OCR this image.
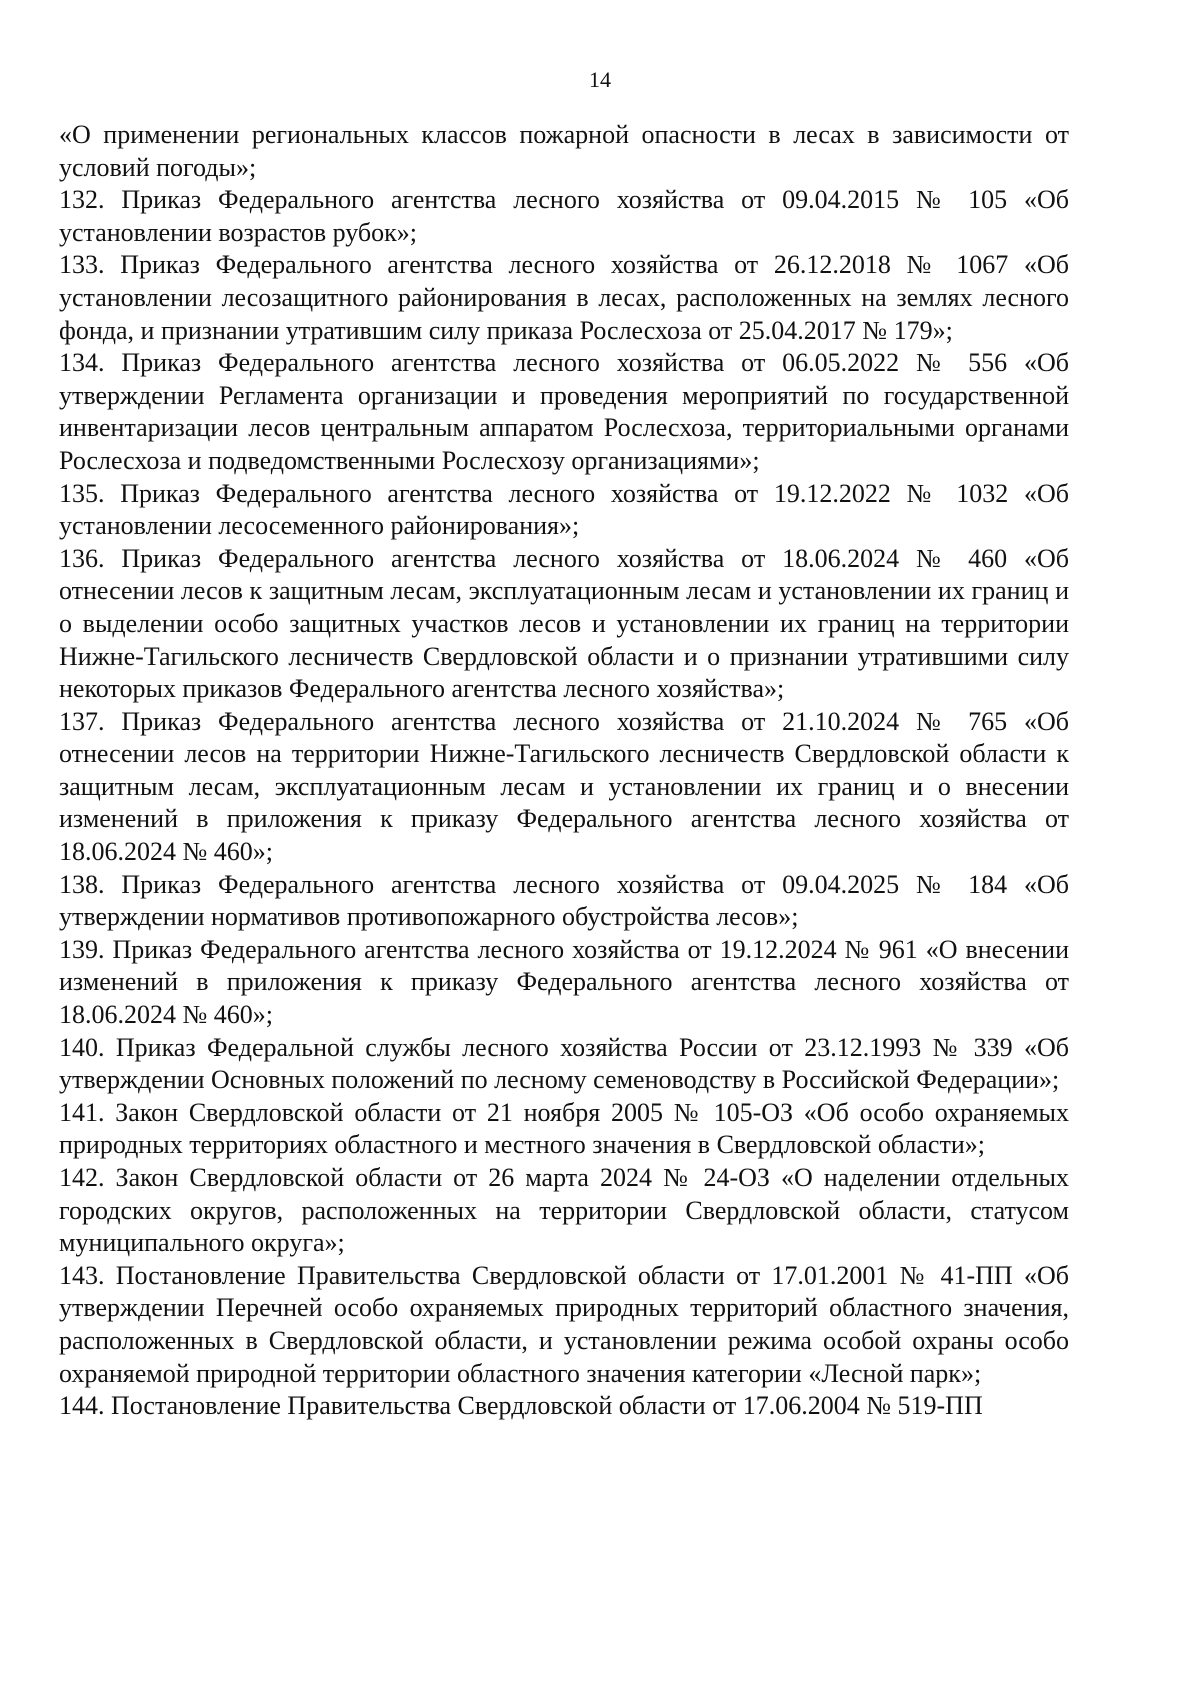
14

«О применении региональных классов пожарной опасности в лесах в зависимости от условий погоды»;

132. Приказ Федерального агентства лесного хозяйства от 09.04.2015 № 105 «Об установлении возрастов рубок»;

133. Приказ Федерального агентства лесного хозяйства от 26.12.2018 № 1067 «Об установлении лесозащитного районирования в лесах, расположенных на землях лесного фонда, и признании утратившим силу приказа Рослесхоза от 25.04.2017 № 179»;

134. Приказ Федерального агентства лесного хозяйства от 06.05.2022 № 556 «Об утверждении Регламента организации и проведения мероприятий по государственной инвентаризации лесов центральным аппаратом Рослесхоза, территориальными органами Рослесхоза и подведомственными Рослесхозу организациями»;

135. Приказ Федерального агентства лесного хозяйства от 19.12.2022 № 1032 «Об установлении лесосеменного районирования»;

136. Приказ Федерального агентства лесного хозяйства от 18.06.2024 № 460 «Об отнесении лесов к защитным лесам, эксплуатационным лесам и установлении их границ и о выделении особо защитных участков лесов и установлении их границ на территории Нижне-Тагильского лесничеств Свердловской области и о признании утратившими силу некоторых приказов Федерального агентства лесного хозяйства»;

137. Приказ Федерального агентства лесного хозяйства от 21.10.2024 № 765 «Об отнесении лесов на территории Нижне-Тагильского лесничеств Свердловской области к защитным лесам, эксплуатационным лесам и установлении их границ и о внесении изменений в приложения к приказу Федерального агентства лесного хозяйства от 18.06.2024 № 460»;

138. Приказ Федерального агентства лесного хозяйства от 09.04.2025 № 184 «Об утверждении нормативов противопожарного обустройства лесов»;

139. Приказ Федерального агентства лесного хозяйства от 19.12.2024 № 961 «О внесении изменений в приложения к приказу Федерального агентства лесного хозяйства от 18.06.2024 № 460»;

140. Приказ Федеральной службы лесного хозяйства России от 23.12.1993 № 339 «Об утверждении Основных положений по лесному семеноводству в Российской Федерации»;

141. Закон Свердловской области от 21 ноября 2005 № 105-ОЗ «Об особо охраняемых природных территориях областного и местного значения в Свердловской области»;

142. Закон Свердловской области от 26 марта 2024 № 24-ОЗ «О наделении отдельных городских округов, расположенных на территории Свердловской области, статусом муниципального округа»;

143. Постановление Правительства Свердловской области от 17.01.2001 № 41-ПП «Об утверждении Перечней особо охраняемых природных территорий областного значения, расположенных в Свердловской области, и установлении режима особой охраны особо охраняемой природной территории областного значения категории «Лесной парк»;

144. Постановление Правительства Свердловской области от 17.06.2004 № 519-ПП
